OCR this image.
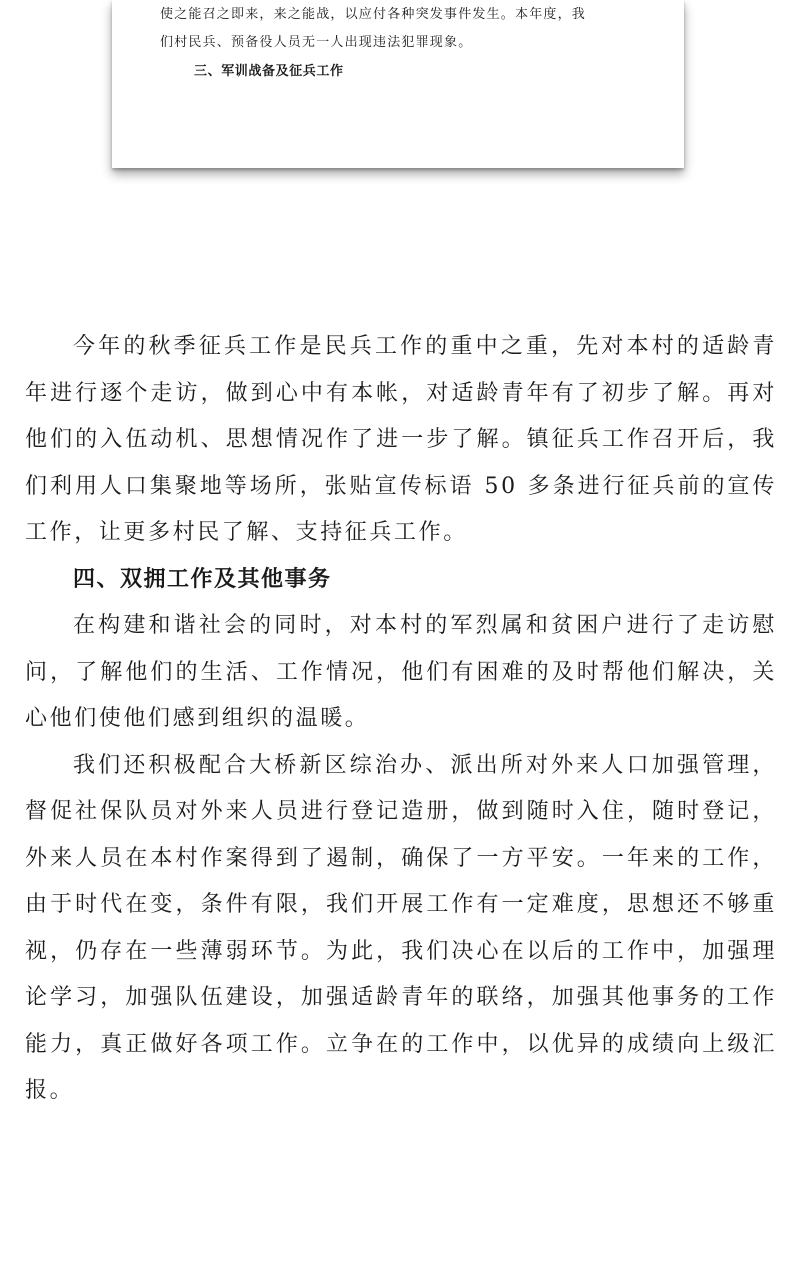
使之能召之即来，来之能战，以应付各种突发事件发生。本年度，我
们村民兵、预备役人员无一人出现违法犯罪现象。
三、军训战备及征兵工作

今年的秋季征兵工作是民兵工作的重中之重，先对本村的适龄青年进行逐个走访，做到心中有本帐，对适龄青年有了初步了解。再对他们的入伍动机、思想情况作了进一步了解。镇征兵工作召开后，我们利用人口集聚地等场所，张贴宣传标语 50 多条进行征兵前的宣传工作，让更多村民了解、支持征兵工作。

四、双拥工作及其他事务

在构建和谐社会的同时，对本村的军烈属和贫困户进行了走访慰问，了解他们的生活、工作情况，他们有困难的及时帮他们解决，关心他们使他们感到组织的温暖。

我们还积极配合大桥新区综治办、派出所对外来人口加强管理，督促社保队员对外来人员进行登记造册，做到随时入住，随时登记，外来人员在本村作案得到了遏制，确保了一方平安。一年来的工作，由于时代在变，条件有限，我们开展工作有一定难度，思想还不够重视，仍存在一些薄弱环节。为此，我们决心在以后的工作中，加强理论学习，加强队伍建设，加强适龄青年的联络，加强其他事务的工作能力，真正做好各项工作。立争在的工作中，以优异的成绩向上级汇报。
